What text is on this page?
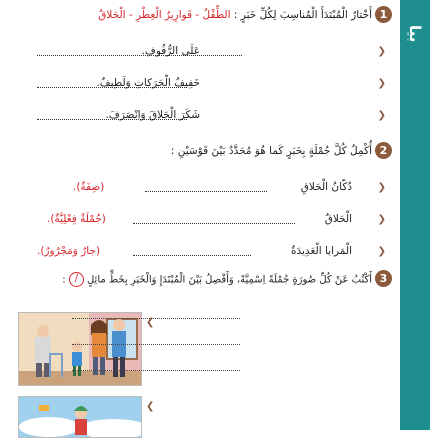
ﺑﻴﺎ
1
أَخْتارُ الْمُبْتَدَأَ الْمُناسِبَ لِكُلِّ خَبَرٍ : الطِّفْلُ - قَوارِيرُ الْعِطْرِ - الْحَلاقُ
❮
عَلَى الرُّفُوفِ.
❮
خَفِيفُ الْحَرَكاتِ وَلَطِيفٌ.
❮
شَكَرَ الْحَلاقَ وَانْصَرَفَ.
2
أُكْمِلُ كُلَّ جُمْلَةٍ بِخَبَرٍ كَما هُوَ مُحَدَّدٌ بَيْنَ قَوْسَيْنِ :
❮
دُكّانُ الْحَلاقِ
(صِفَةٌ).
❮
الْحَلاقُ
(جُمْلَةٌ فِعْلِيَّةٌ).
❮
الْمَرايا الْعَدِيدَةُ
(جارٌ وَمَجْرُورٌ).
3
أَكْتُبُ عَنْ كُلِّ صُورَةٍ جُمْلَةً اِسْمِيَّةً، وَأَفْصِلُ بَيْنَ الْمُبْتَدَإِ وَالْخَبَرِ بِخَطٍّ مائِلٍ / :
❯
❯
